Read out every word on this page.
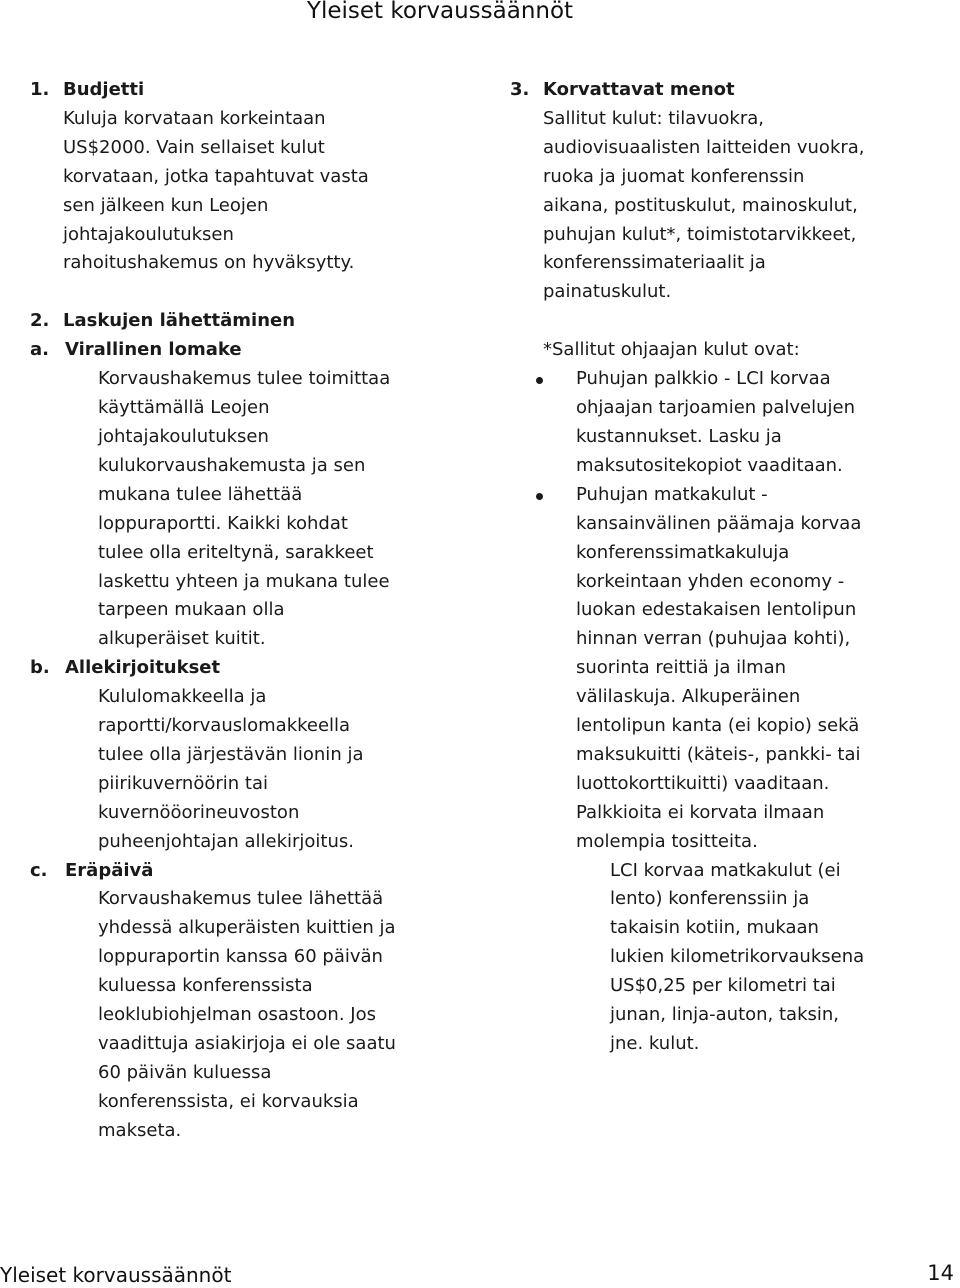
Yleiset korvaussäännöt

1. Budjetti

Kuluja korvataan korkeintaan

US$2000. Vain sellaiset kulut

korvataan, jotka tapahtuvat vasta

sen jälkeen kun Leojen

johtajakoulutuksen

rahoitushakemus on hyväksytty.

2. Laskujen lähettäminen

a. Virallinen lomake

Korvaushakemus tulee toimittaa

käyttämällä Leojen

johtajakoulutuksen

kulukorvaushakemusta ja sen

mukana tulee lähettää

loppuraportti. Kaikki kohdat

tulee olla eriteltynä, sarakkeet

laskettu yhteen ja mukana tulee

tarpeen mukaan olla

alkuperäiset kuitit.

b. Allekirjoitukset

Kululomakkeella ja

raportti/korvauslomakkeella

tulee olla järjestävän lionin ja

piirikuvernöörin tai

kuvernööorineuvoston

puheenjohtajan allekirjoitus.

c. Eräpäivä

Korvaushakemus tulee lähettää

yhdessä alkuperäisten kuittien ja

loppuraportin kanssa 60 päivän

kuluessa konferenssista

leoklubiohjelman osastoon. Jos

vaadittuja asiakirjoja ei ole saatu

60 päivän kuluessa

konferenssista, ei korvauksia

makseta.

3. Korvattavat menot

Sallitut kulut: tilavuokra,

audiovisuaalisten laitteiden vuokra,

ruoka ja juomat konferenssin

aikana, postituskulut, mainoskulut,

puhujan kulut*, toimistotarvikkeet,

konferenssimateriaalit ja

painatuskulut.

*Sallitut ohjaajan kulut ovat:

Puhujan palkkio - LCI korvaa

ohjaajan tarjoamien palvelujen

kustannukset. Lasku ja

maksutositekopiot vaaditaan.

Puhujan matkakulut -

kansainvälinen päämaja korvaa

konferenssimatkakuluja

korkeintaan yhden economy -

luokan edestakaisen lentolipun

hinnan verran (puhujaa kohti),

suorinta reittiä ja ilman

välilaskuja. Alkuperäinen

lentolipun kanta (ei kopio) sekä

maksukuitti (käteis-, pankki- tai

luottokorttikuitti) vaaditaan.

Palkkioita ei korvata ilmaan

molempia tositteita.

LCI korvaa matkakulut (ei

lento) konferenssiin ja

takaisin kotiin, mukaan

lukien kilometrikorvauksena

US$0,25 per kilometri tai

junan, linja-auton, taksin,

jne. kulut.

Yleiset korvaussäännöt	14
